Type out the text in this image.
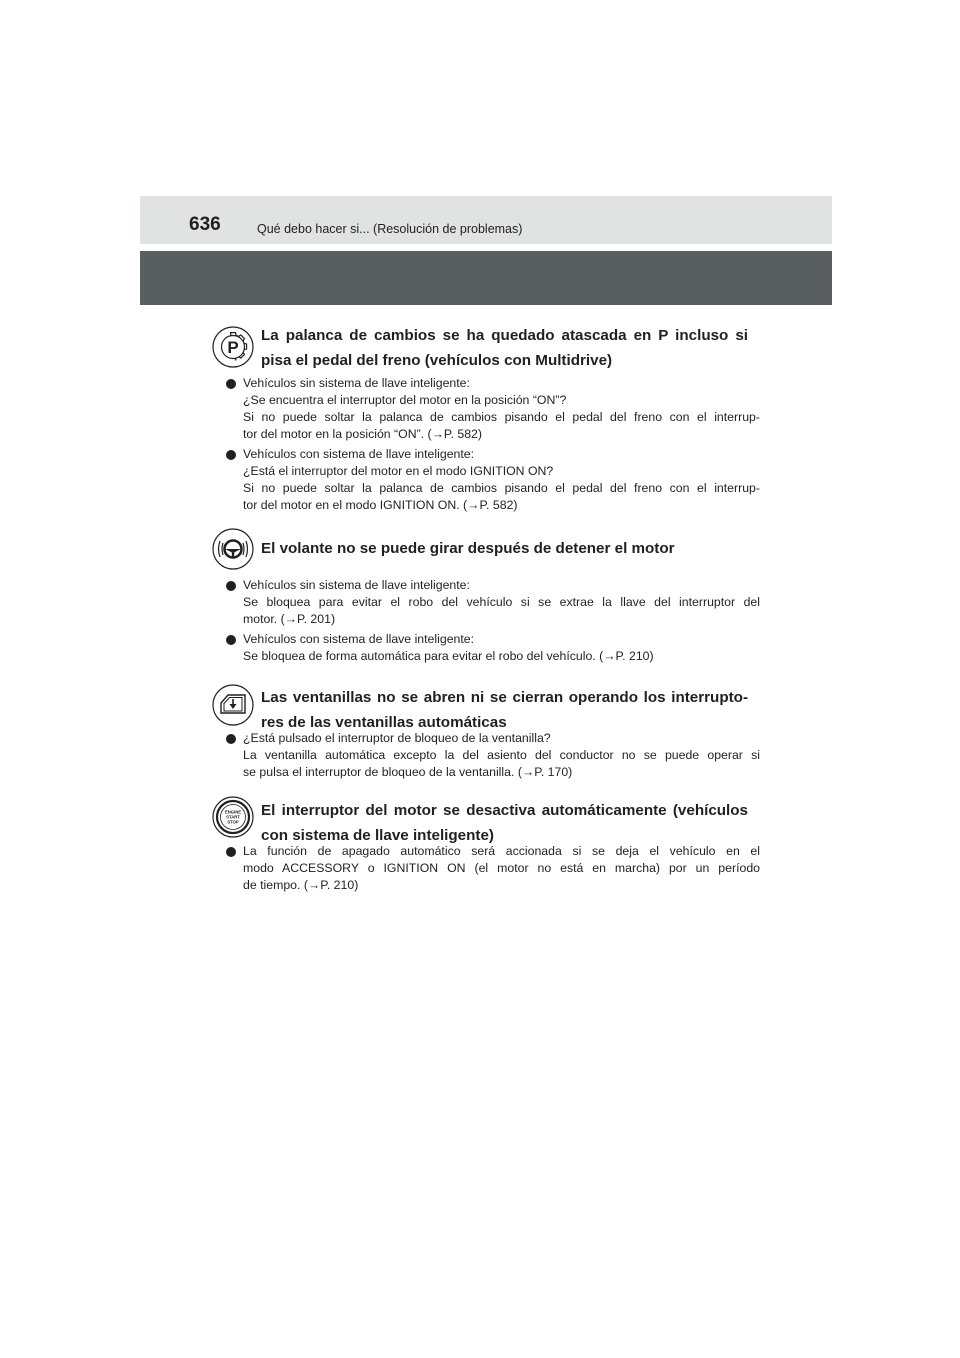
636	Qué debo hacer si... (Resolución de problemas)
P
La palanca de cambios se ha quedado atascada en P incluso si
pisa el pedal del freno (vehículos con Multidrive)
Vehículos sin sistema de llave inteligente:
¿Se encuentra el interruptor del motor en la posición “ON”?
Si no puede soltar la palanca de cambios pisando el pedal del freno con el interrup-
tor del motor en la posición “ON”. (→P. 582)
Vehículos con sistema de llave inteligente:
¿Está el interruptor del motor en el modo IGNITION ON?
Si no puede soltar la palanca de cambios pisando el pedal del freno con el interrup-
tor del motor en el modo IGNITION ON. (→P. 582)
El volante no se puede girar después de detener el motor
Vehículos sin sistema de llave inteligente:
Se bloquea para evitar el robo del vehículo si se extrae la llave del interruptor del
motor. (→P. 201)
Vehículos con sistema de llave inteligente:
Se bloquea de forma automática para evitar el robo del vehículo. (→P. 210)
Las ventanillas no se abren ni se cierran operando los interrupto-
res de las ventanillas automáticas
¿Está pulsado el interruptor de bloqueo de la ventanilla?
La ventanilla automática excepto la del asiento del conductor no se puede operar si
se pulsa el interruptor de bloqueo de la ventanilla. (→P. 170)
ENGINE
START
STOP
El interruptor del motor se desactiva automáticamente (vehículos
con sistema de llave inteligente)
La función de apagado automático será accionada si se deja el vehículo en el
modo ACCESSORY o IGNITION ON (el motor no está en marcha) por un período
de tiempo. (→P. 210)
